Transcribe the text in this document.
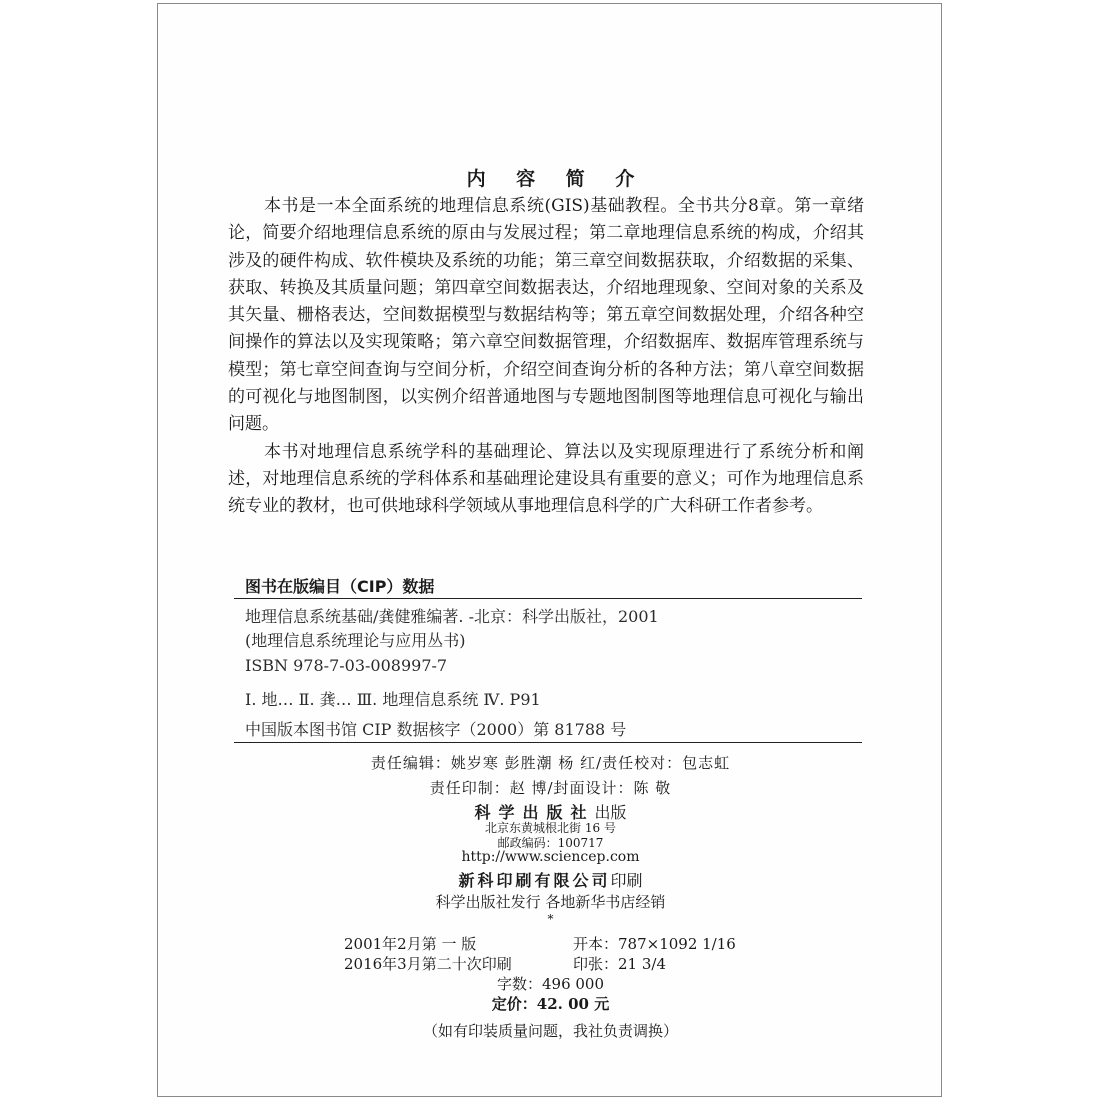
内 容 简 介

本书是一本全面系统的地理信息系统(GIS)基础教程。全书共分8章。第一章绪论，简要介绍地理信息系统的原由与发展过程；第二章地理信息系统的构成，介绍其涉及的硬件构成、软件模块及系统的功能；第三章空间数据获取，介绍数据的采集、获取、转换及其质量问题；第四章空间数据表达，介绍地理现象、空间对象的关系及其矢量、栅格表达，空间数据模型与数据结构等；第五章空间数据处理，介绍各种空间操作的算法以及实现策略；第六章空间数据管理，介绍数据库、数据库管理系统与模型；第七章空间查询与空间分析，介绍空间查询分析的各种方法；第八章空间数据的可视化与地图制图，以实例介绍普通地图与专题地图制图等地理信息可视化与输出问题。

本书对地理信息系统学科的基础理论、算法以及实现原理进行了系统分析和阐述，对地理信息系统的学科体系和基础理论建设具有重要的意义；可作为地理信息系统专业的教材，也可供地球科学领域从事地理信息科学的广大科研工作者参考。

图书在版编目（CIP）数据
地理信息系统基础/龚健雅编著. -北京：科学出版社，2001
(地理信息系统理论与应用丛书)
ISBN 978-7-03-008997-7
Ⅰ. 地… Ⅱ. 龚… Ⅲ. 地理信息系统 Ⅳ. P91
中国版本图书馆 CIP 数据核字（2000）第 81788 号
责任编辑：姚岁寒 彭胜潮 杨 红/责任校对：包志虹
责任印制：赵 博/封面设计：陈 敬
科学出版社出版
北京东黄城根北街 16 号
邮政编码：100717
http://www.sciencep.com
新科印刷有限公司印刷
科学出版社发行 各地新华书店经销
*
2001年2月第 一 版	开本：787×1092 1/16
2016年3月第二十次印刷	印张：21 3/4
字数：496 000
定价：42. 00 元
（如有印装质量问题，我社负责调换）
